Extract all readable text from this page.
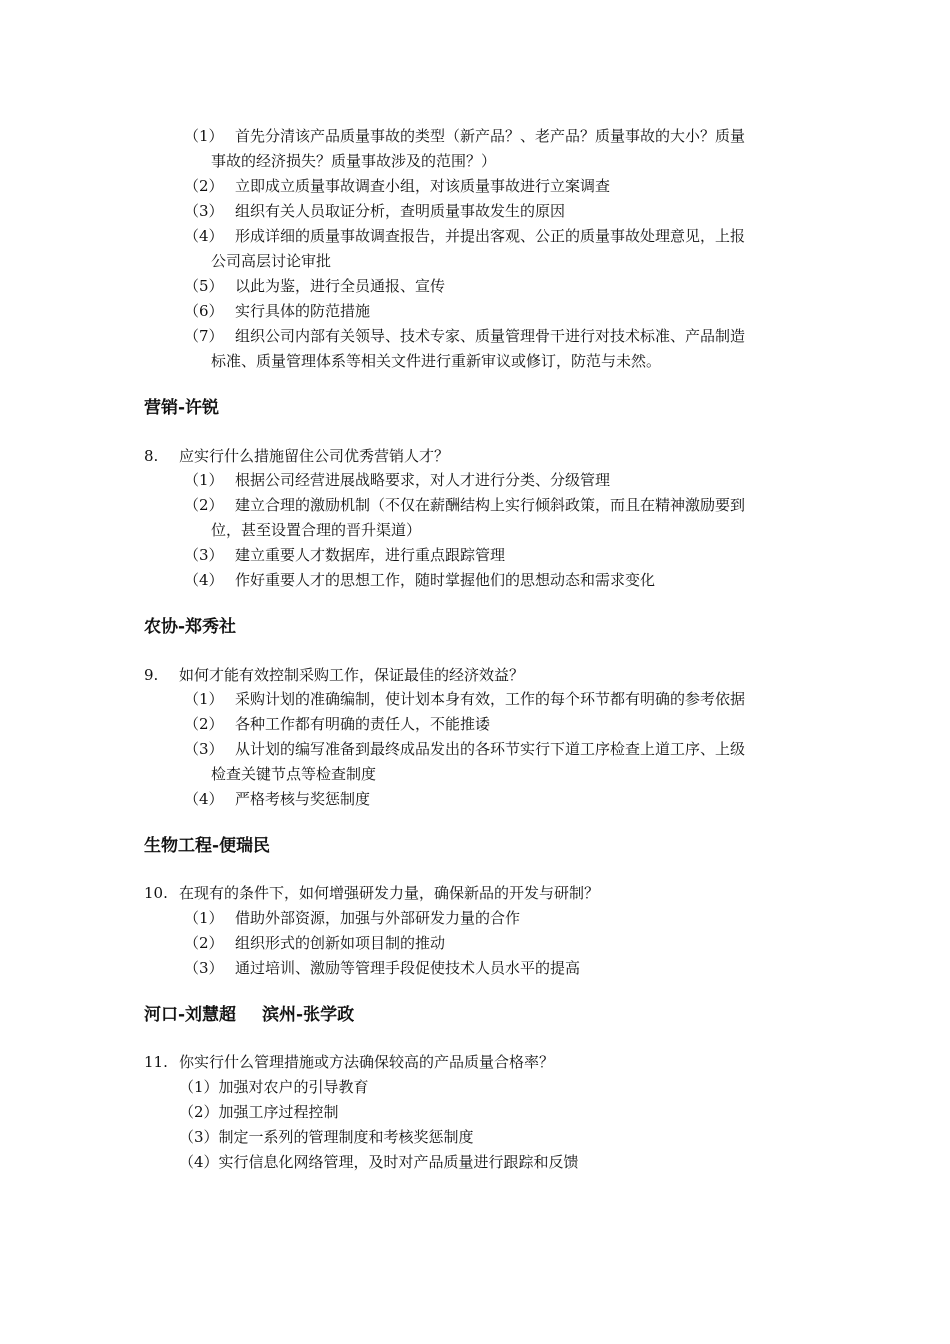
（1） 首先分清该产品质量事故的类型（新产品？、老产品？质量事故的大小？质量
事故的经济损失？质量事故涉及的范围？）
（2） 立即成立质量事故调查小组，对该质量事故进行立案调查
（3） 组织有关人员取证分析，查明质量事故发生的原因
（4） 形成详细的质量事故调查报告，并提出客观、公正的质量事故处理意见，上报
公司高层讨论审批
（5） 以此为鉴，进行全员通报、宣传
（6） 实行具体的防范措施
（7） 组织公司内部有关领导、技术专家、质量管理骨干进行对技术标准、产品制造
标准、质量管理体系等相关文件进行重新审议或修订，防范与未然。
营销-许锐
8. 应实行什么措施留住公司优秀营销人才？
（1） 根据公司经营进展战略要求，对人才进行分类、分级管理
（2） 建立合理的激励机制（不仅在薪酬结构上实行倾斜政策，而且在精神激励要到
位，甚至设置合理的晋升渠道）
（3） 建立重要人才数据库，进行重点跟踪管理
（4） 作好重要人才的思想工作，随时掌握他们的思想动态和需求变化
农协-郑秀社
9. 如何才能有效控制采购工作，保证最佳的经济效益？
（1） 采购计划的准确编制，使计划本身有效，工作的每个环节都有明确的参考依据
（2） 各种工作都有明确的责任人，不能推诿
（3） 从计划的编写准备到最终成品发出的各环节实行下道工序检查上道工序、上级
检查关键节点等检查制度
（4） 严格考核与奖惩制度
生物工程-便瑞民
10. 在现有的条件下，如何增强研发力量，确保新品的开发与研制？
（1） 借助外部资源，加强与外部研发力量的合作
（2） 组织形式的创新如项目制的推动
（3） 通过培训、激励等管理手段促使技术人员水平的提高
河口-刘慧超 滨州-张学政
11. 你实行什么管理措施或方法确保较高的产品质量合格率？
（1）加强对农户的引导教育
（2）加强工序过程控制
（3）制定一系列的管理制度和考核奖惩制度
（4）实行信息化网络管理，及时对产品质量进行跟踪和反馈
